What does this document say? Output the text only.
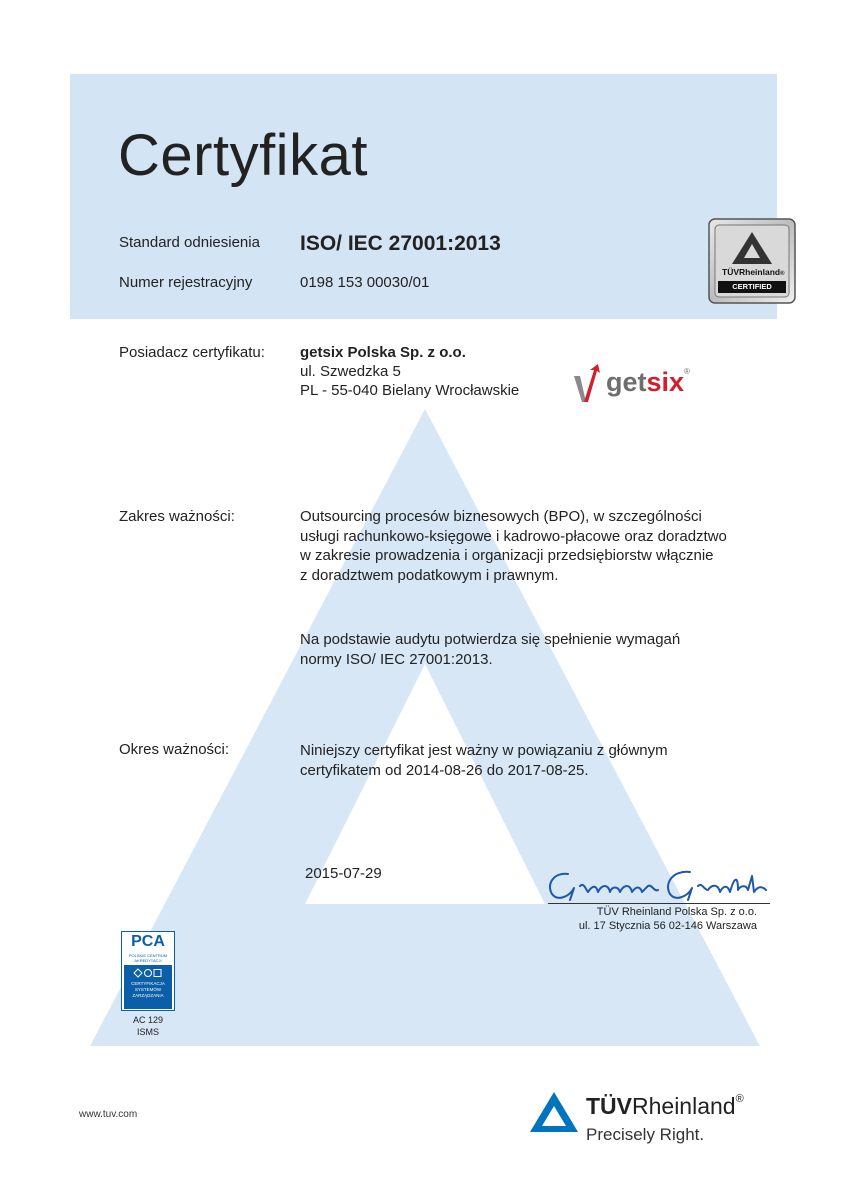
Certyfikat
Standard odniesienia ISO/ IEC 27001:2013
Numer rejestracyjny	0198 153 00030/01
TÜVRheinland®
CERTIFIED
Posiadacz certyfikatu: getsix Polska Sp. z o.o.
ul. Szwedzka 5
PL - 55-040 Bielany Wrocławskie	getsix®
Zakres ważności:	Outsourcing procesów biznesowych (BPO), w szczególności
usługi rachunkowo-księgowe i kadrowo-płacowe oraz doradztwo
w zakresie prowadzenia i organizacji przedsiębiorstw włącznie
z doradztwem podatkowym i prawnym.
Na podstawie audytu potwierdza się spełnienie wymagań
normy ISO/ IEC 27001:2013.
Okres ważności:	Niniejszy certyfikat jest ważny w powiązaniu z głównym
certyfikatem od 2014-08-26 do 2017-08-25.
2015-07-29
TÜV Rheinland Polska Sp. z o.o.
ul. 17 Stycznia 56 02-146 Warszawa
PCA
POLSKIE CENTRUM
AKREDYTACJI
CERTYFIKACJA
SYSTEMÓW
ZARZĄDZANIA
AC 129
ISMS
www.tuv.com	TÜVRheinland®
Precisely Right.
